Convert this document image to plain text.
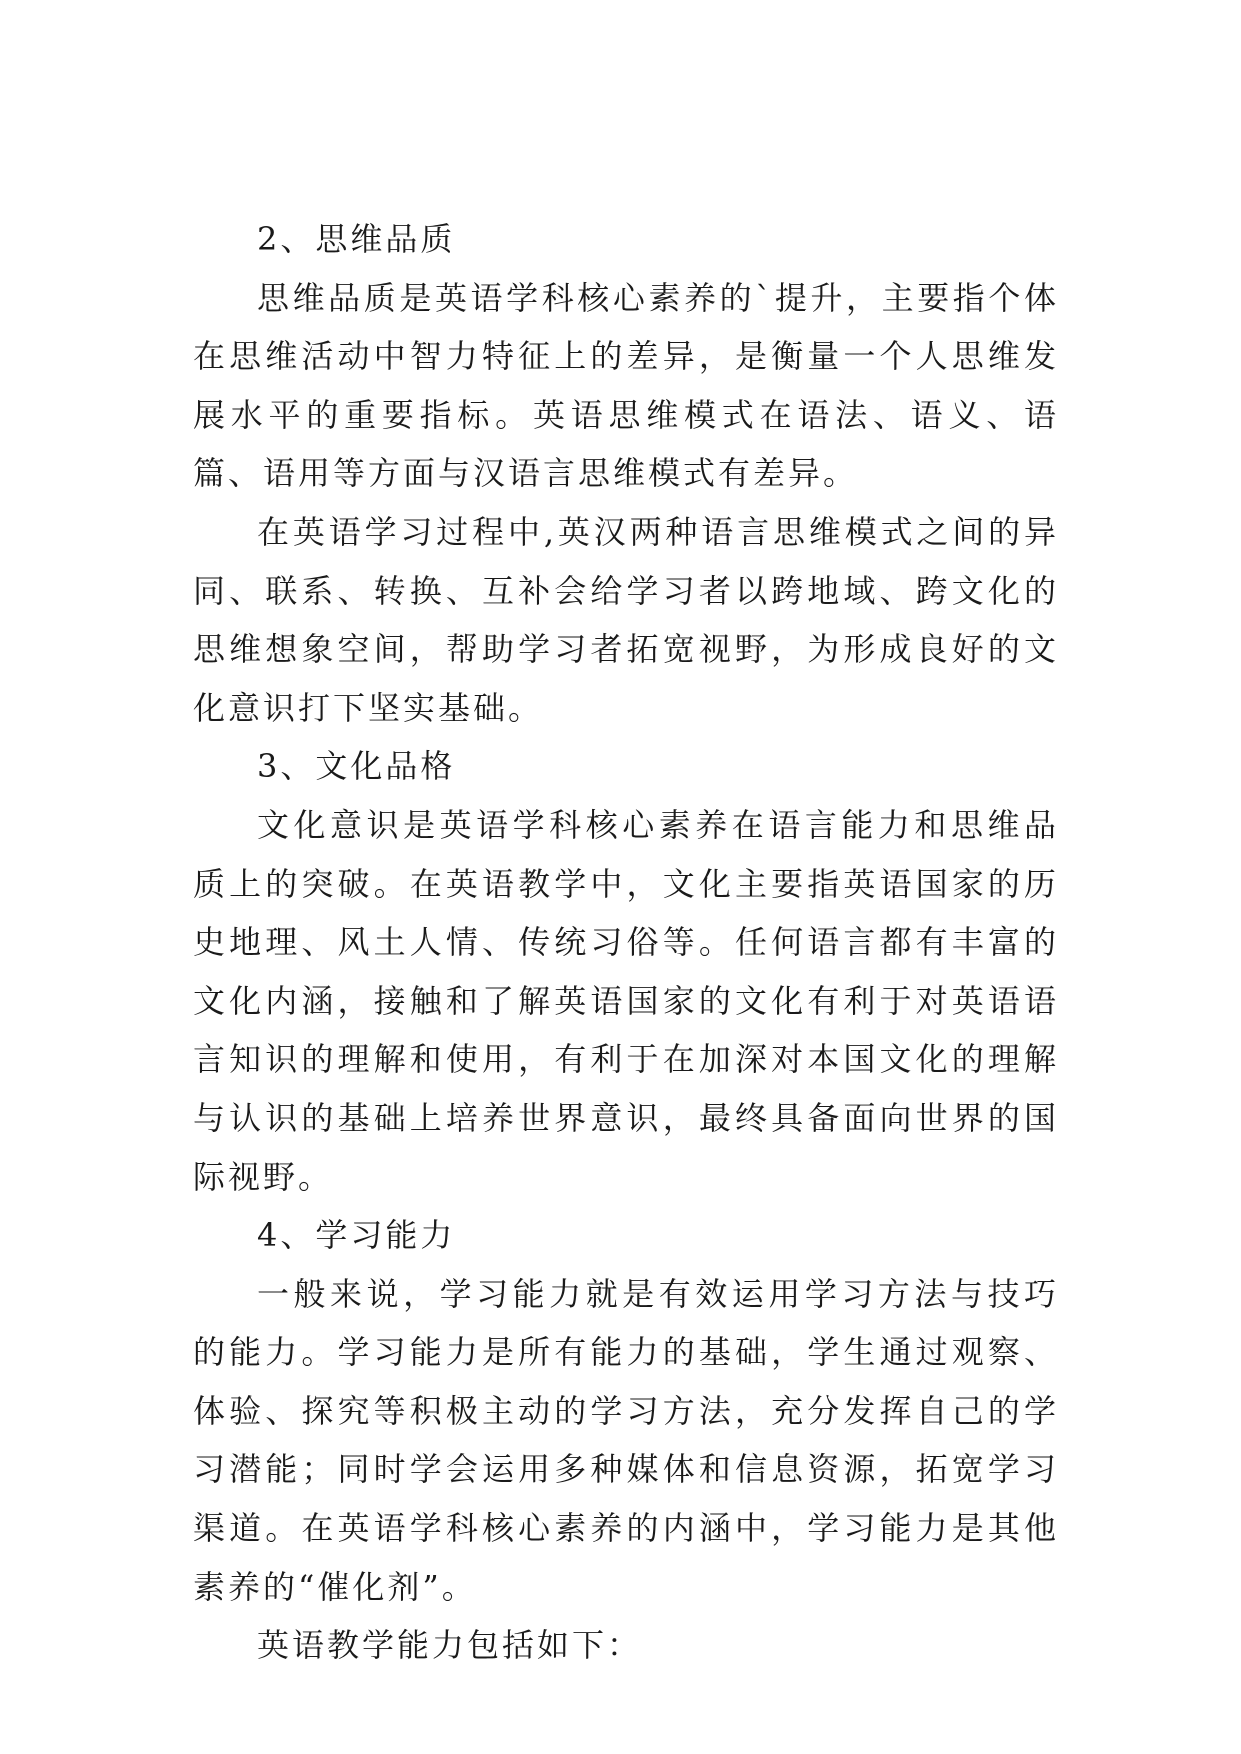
2、思维品质

思维品质是英语学科核心素养的`提升，主要指个体在思维活动中智力特征上的差异，是衡量一个人思维发展水平的重要指标。英语思维模式在语法、语义、语篇、语用等方面与汉语言思维模式有差异。

在英语学习过程中,英汉两种语言思维模式之间的异同、联系、转换、互补会给学习者以跨地域、跨文化的思维想象空间，帮助学习者拓宽视野，为形成良好的文化意识打下坚实基础。

3、文化品格

文化意识是英语学科核心素养在语言能力和思维品质上的突破。在英语教学中，文化主要指英语国家的历史地理、风土人情、传统习俗等。任何语言都有丰富的文化内涵，接触和了解英语国家的文化有利于对英语语言知识的理解和使用，有利于在加深对本国文化的理解与认识的基础上培养世界意识，最终具备面向世界的国际视野。

4、学习能力

一般来说，学习能力就是有效运用学习方法与技巧的能力。学习能力是所有能力的基础，学生通过观察、体验、探究等积极主动的学习方法，充分发挥自己的学习潜能；同时学会运用多种媒体和信息资源，拓宽学习渠道。在英语学科核心素养的内涵中，学习能力是其他素养的“催化剂”。

英语教学能力包括如下：
